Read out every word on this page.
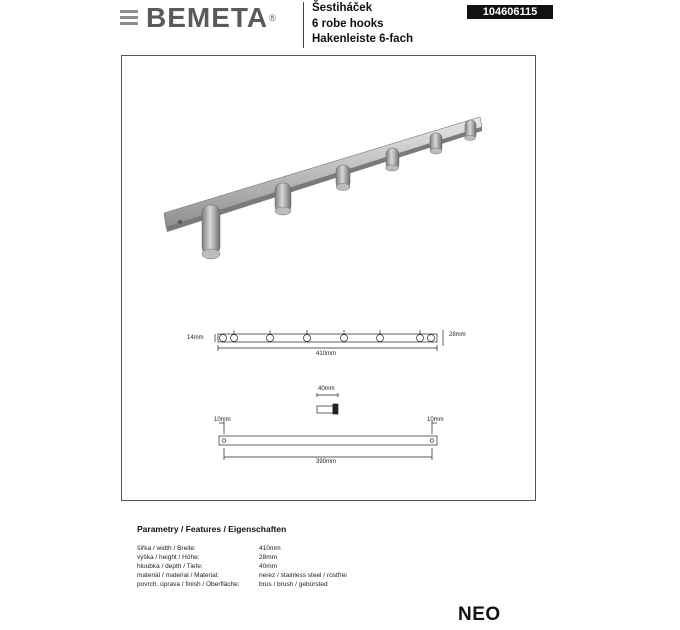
BEMETA ®
Šestiháček
6 robe hooks
Hakenleiste 6-fach
104606115
14mm	28mm
410mm
40mm
10mm	10mm
390mm
Parametry / Features / Eigenschaften
šířka / width / Breite:	410mm
výška / height / Höhe:	28mm
hloubka / depth / Tiefe:	40mm
materiál / material / Material:	nerez / stainless steel / rostfrei
povrch. úprava / finish / Oberfläche:	brus / brush / gebürsted
NEO
